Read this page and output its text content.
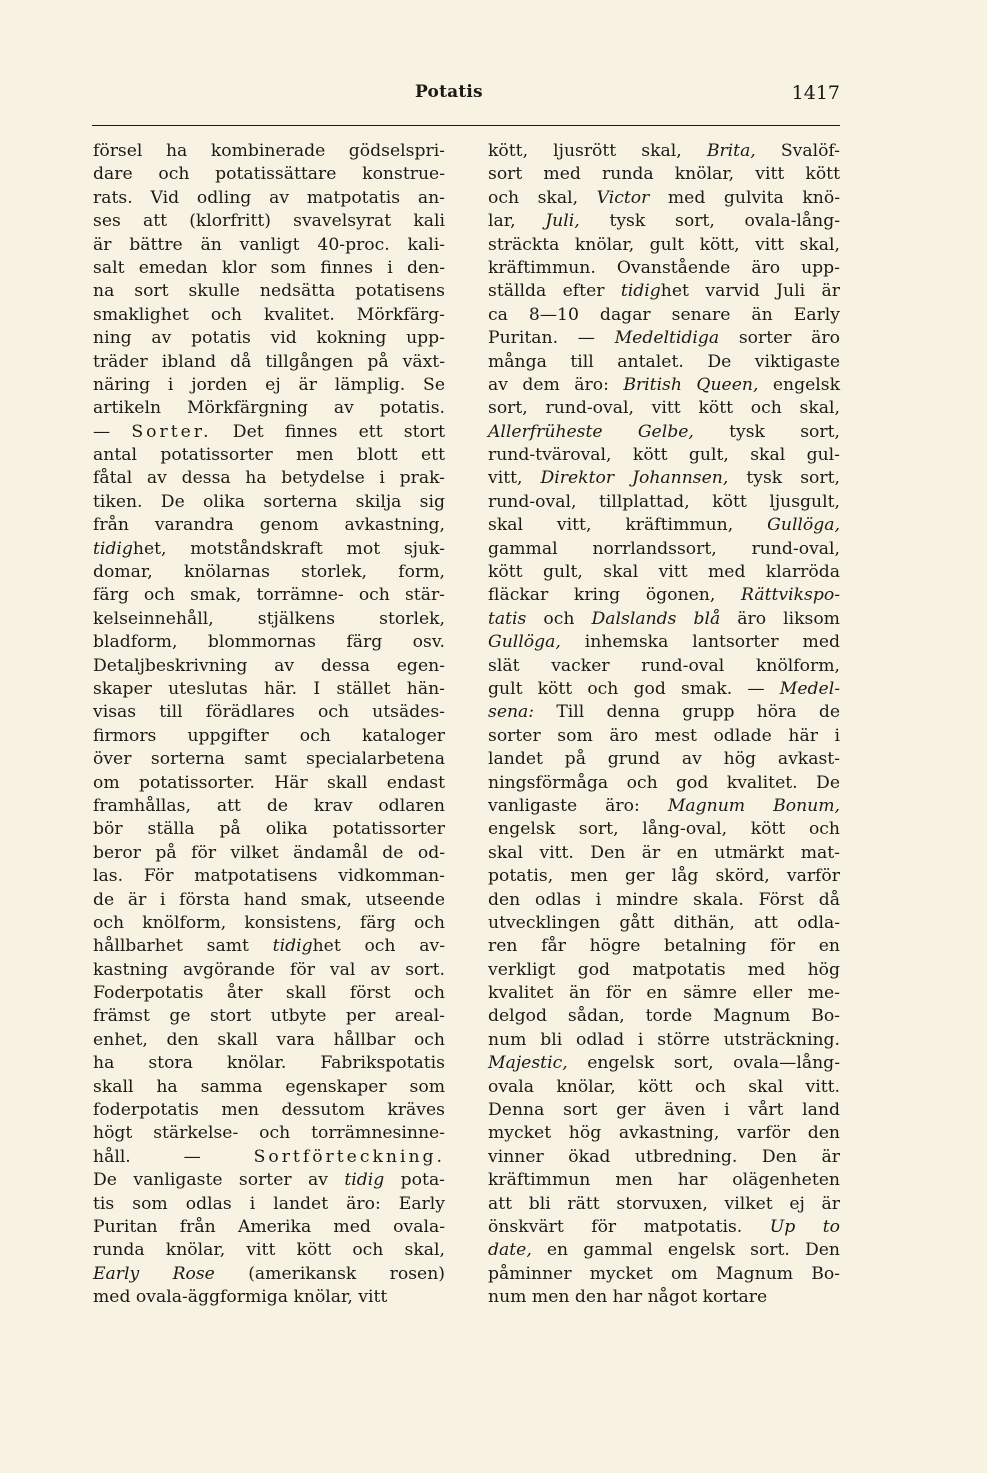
Potatis	1417
försel ha kombinerade gödselspri-
dare och potatissättare konstrue-
rats. Vid odling av matpotatis an-
ses att (klorfritt) svavelsyrat kali
är bättre än vanligt 40-proc. kali-
salt emedan klor som finnes i den-
na sort skulle nedsätta potatisens
smaklighet och kvalitet. Mörkfärg-
ning av potatis vid kokning upp-
träder ibland då tillgången på växt-
näring i jorden ej är lämplig. Se
artikeln Mörkfärgning av potatis.
— Sorter. Det finnes ett stort
antal potatissorter men blott ett
fåtal av dessa ha betydelse i prak-
tiken. De olika sorterna skilja sig
från varandra genom avkastning,
tidighet, motståndskraft mot sjuk-
domar, knölarnas storlek, form,
färg och smak, torrämne- och stär-
kelseinnehåll, stjälkens storlek,
bladform, blommornas färg osv.
Detaljbeskrivning av dessa egen-
skaper uteslutas här. I stället hän-
visas till förädlares och utsädes-
firmors uppgifter och kataloger
över sorterna samt specialarbetena
om potatissorter. Här skall endast
framhållas, att de krav odlaren
bör ställa på olika potatissorter
beror på för vilket ändamål de od-
las. För matpotatisens vidkomman-
de är i första hand smak, utseende
och knölform, konsistens, färg och
hållbarhet samt tidighet och av-
kastning avgörande för val av sort.
Foderpotatis åter skall först och
främst ge stort utbyte per areal-
enhet, den skall vara hållbar och
ha stora knölar. Fabrikspotatis
skall ha samma egenskaper som
foderpotatis men dessutom kräves
högt stärkelse- och torrämnesinne-
håll. — Sortförteckning.
De vanligaste sorter av tidig pota-
tis som odlas i landet äro: Early
Puritan från Amerika med ovala-
runda knölar, vitt kött och skal,
Early Rose (amerikansk rosen)
med ovala-äggformiga knölar, vitt
kött, ljusrött skal, Brita, Svalöf-
sort med runda knölar, vitt kött
och skal, Victor med gulvita knö-
lar, Juli, tysk sort, ovala-lång-
sträckta knölar, gult kött, vitt skal,
kräftimmun. Ovanstående äro upp-
ställda efter tidighet varvid Juli är
ca 8—10 dagar senare än Early
Puritan. — Medeltidiga sorter äro
många till antalet. De viktigaste
av dem äro: British Queen, engelsk
sort, rund-oval, vitt kött och skal,
Allerfrüheste Gelbe, tysk sort,
rund-tväroval, kött gult, skal gul-
vitt, Direktor Johannsen, tysk sort,
rund-oval, tillplattad, kött ljusgult,
skal vitt, kräftimmun, Gullöga,
gammal norrlandssort, rund-oval,
kött gult, skal vitt med klarröda
fläckar kring ögonen, Rättvikspo-
tatis och Dalslands blå äro liksom
Gullöga, inhemska lantsorter med
slät vacker rund-oval knölform,
gult kött och god smak. — Medel-
sena: Till denna grupp höra de
sorter som äro mest odlade här i
landet på grund av hög avkast-
ningsförmåga och god kvalitet. De
vanligaste äro: Magnum Bonum,
engelsk sort, lång-oval, kött och
skal vitt. Den är en utmärkt mat-
potatis, men ger låg skörd, varför
den odlas i mindre skala. Först då
utvecklingen gått dithän, att odla-
ren får högre betalning för en
verkligt god matpotatis med hög
kvalitet än för en sämre eller me-
delgod sådan, torde Magnum Bo-
num bli odlad i större utsträckning.
Majestic, engelsk sort, ovala—lång-
ovala knölar, kött och skal vitt.
Denna sort ger även i vårt land
mycket hög avkastning, varför den
vinner ökad utbredning. Den är
kräftimmun men har olägenheten
att bli rätt storvuxen, vilket ej är
önskvärt för matpotatis. Up to
date, en gammal engelsk sort. Den
påminner mycket om Magnum Bo-
num men den har något kortare
